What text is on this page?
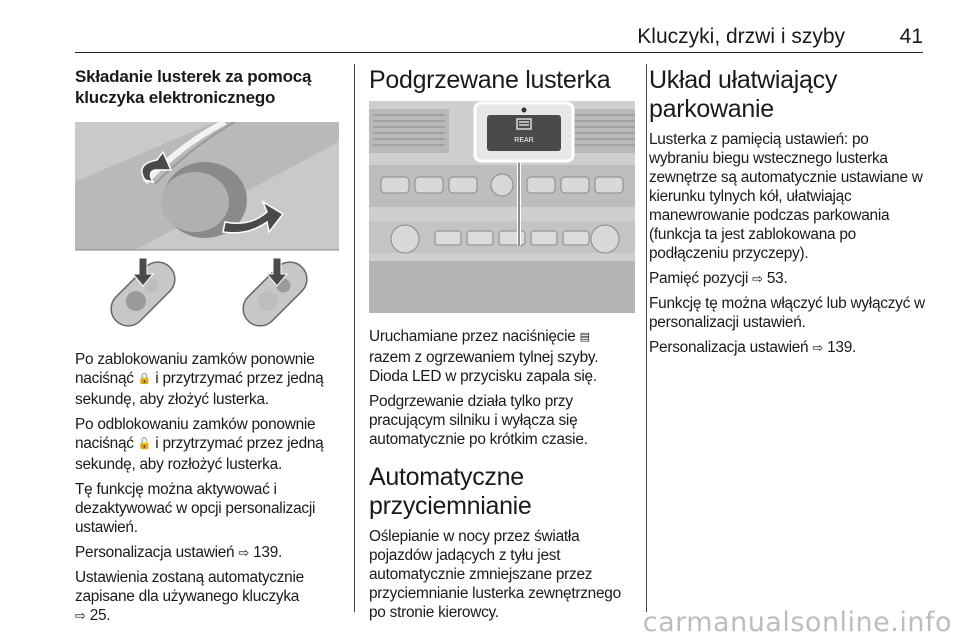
Kluczyki, drzwi i szyby	41
Składanie lusterek za pomocą kluczyka elektronicznego

Po zablokowaniu zamków ponownie naciśnąć 🔒 i przytrzymać przez jedną sekundę, aby złożyć lusterka.

Po odblokowaniu zamków ponownie naciśnąć 🔓 i przytrzymać przez jedną sekundę, aby rozłożyć lusterka.

Tę funkcję można aktywować i dezaktywować w opcji personalizacji ustawień.

Personalizacja ustawień ⇨ 139.

Ustawienia zostaną automatycznie zapisane dla używanego kluczyka
⇨ 25.

Podgrzewane lusterka
REAR

Uruchamiane przez naciśnięcie ▤ razem z ogrzewaniem tylnej szyby. Dioda LED w przycisku zapala się.

Podgrzewanie działa tylko przy pracującym silniku i wyłącza się automatycznie po krótkim czasie.

Automatyczne przyciemnianie

Oślepianie w nocy przez światła pojazdów jadących z tyłu jest automatycznie zmniejszane przez przyciemnianie lusterka zewnętrznego po stronie kierowcy.

Układ ułatwiający parkowanie

Lusterka z pamięcią ustawień: po wybraniu biegu wstecznego lusterka zewnętrze są automatycznie ustawiane w kierunku tylnych kół, ułatwiając manewrowanie podczas parkowania (funkcja ta jest zablokowana po podłączeniu przyczepy).

Pamięć pozycji ⇨ 53.

Funkcję tę można włączyć lub wyłączyć w personalizacji ustawień.

Personalizacja ustawień ⇨ 139.

carmanualsonline.info
